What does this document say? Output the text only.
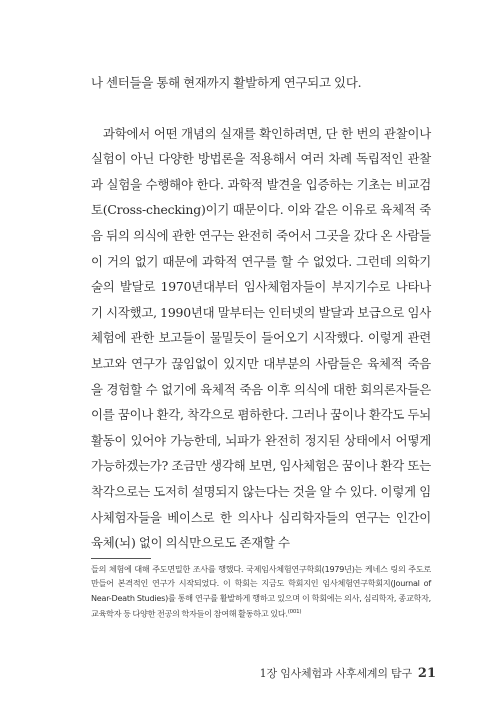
나 센터들을 통해 현재까지 활발하게 연구되고 있다.

과학에서 어떤 개념의 실재를 확인하려면, 단 한 번의 관찰이나 실험이 아닌 다양한 방법론을 적용해서 여러 차례 독립적인 관찰과 실험을 수행해야 한다. 과학적 발견을 입증하는 기초는 비교검토(Cross-checking)이기 때문이다. 이와 같은 이유로 육체적 죽음 뒤의 의식에 관한 연구는 완전히 죽어서 그곳을 갔다 온 사람들이 거의 없기 때문에 과학적 연구를 할 수 없었다. 그런데 의학기술의 발달로 1970년대부터 임사체험자들이 부지기수로 나타나기 시작했고, 1990년대 말부터는 인터넷의 발달과 보급으로 임사체험에 관한 보고들이 물밀듯이 들어오기 시작했다. 이렇게 관련 보고와 연구가 끊임없이 있지만 대부분의 사람들은 육체적 죽음을 경험할 수 없기에 육체적 죽음 이후 의식에 대한 회의론자들은 이를 꿈이나 환각, 착각으로 폄하한다. 그러나 꿈이나 환각도 두뇌 활동이 있어야 가능한데, 뇌파가 완전히 정지된 상태에서 어떻게 가능하겠는가? 조금만 생각해 보면, 임사체험은 꿈이나 환각 또는 착각으로는 도저히 설명되지 않는다는 것을 알 수 있다. 이렇게 임사체험자들을 베이스로 한 의사나 심리학자들의 연구는 인간이 육체(뇌) 없이 의식만으로도 존재할 수

들의 체험에 대해 주도면밀한 조사를 행했다. 국제임사체험연구학회(1979년)는 케네스 링의 주도로 만들어 본격적인 연구가 시작되었다. 이 학회는 지금도 학회지인 임사체험연구학회지(Journal of Near-Death Studies)를 통해 연구를 활발하게 행하고 있으며 이 학회에는 의사, 심리학자, 종교학자, 교육학자 등 다양한 전공의 학자들이 참여해 활동하고 있다.$^{(001)}$

1장 임사체험과 사후세계의 탐구 21
